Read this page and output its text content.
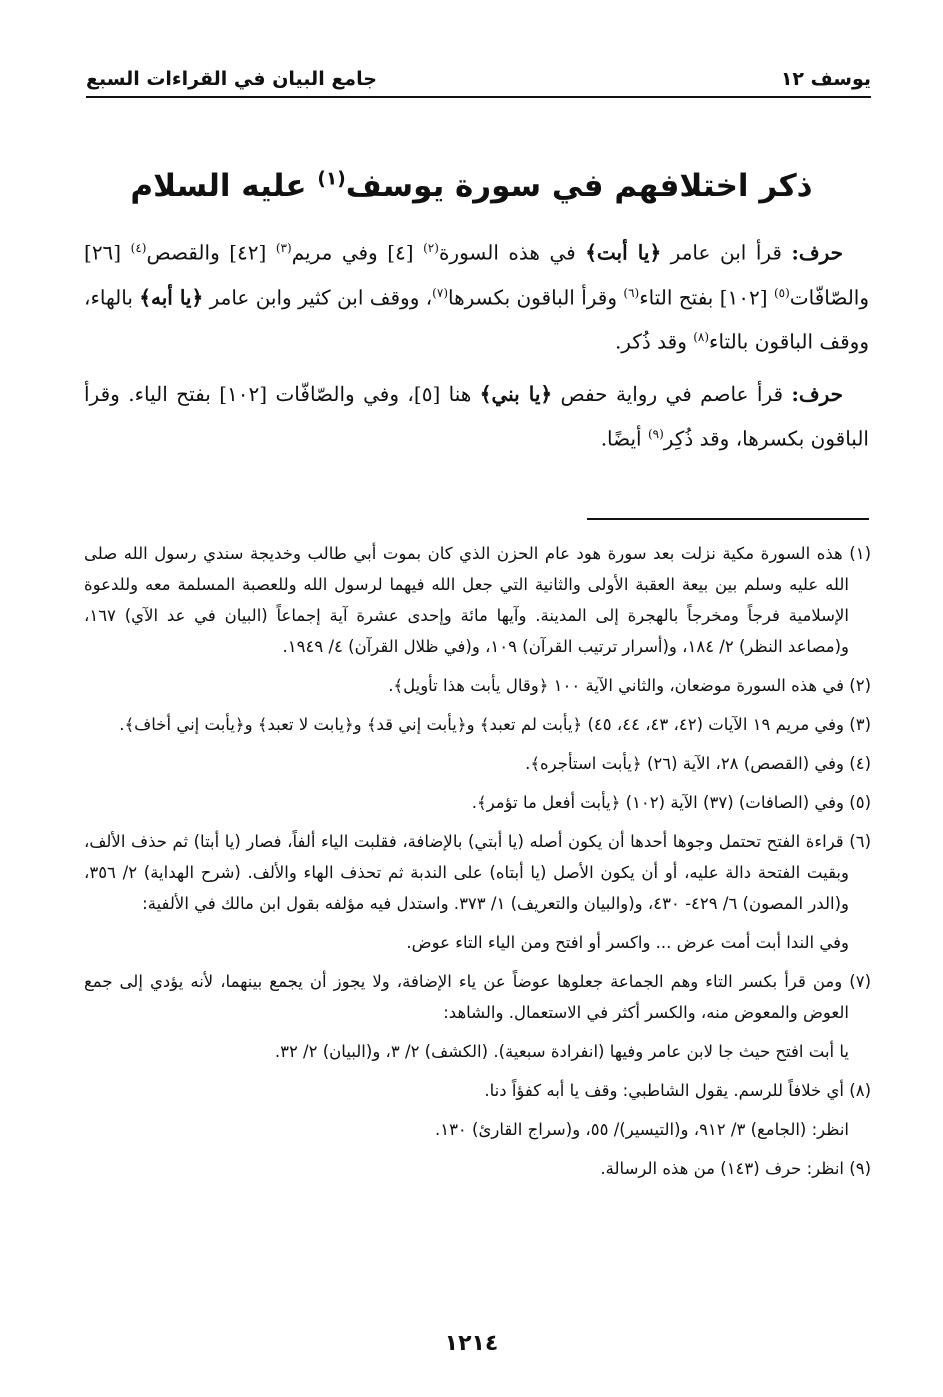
يوسف ١٢
جامع البيان في القراءات السبع
ذكر اختلافهم في سورة يوسف$^{(١)}$ عليه السلام

حرف: قرأ ابن عامر ﴿يا أبت﴾ في هذه السورة$^{(٢)}$ [٤] وفي مريم$^{(٣)}$ [٤٢] والقصص$^{(٤)}$ [٢٦] والصّافّات$^{(٥)}$ [١٠٢] بفتح التاء$^{(٦)}$ وقرأ الباقون بكسرها$^{(٧)}$، ووقف ابن كثير وابن عامر ﴿يا أبه﴾ بالهاء، ووقف الباقون بالتاء$^{(٨)}$ وقد ذُكر.

حرف: قرأ عاصم في رواية حفص ﴿يا بني﴾ هنا [٥]، وفي والصّافّات [١٠٢] بفتح الياء. وقرأ الباقون بكسرها، وقد ذُكِر$^{(٩)}$ أيضًا.

(١) هذه السورة مكية نزلت بعد سورة هود عام الحزن الذي كان بموت أبي طالب وخديجة سندي رسول الله صلى الله عليه وسلم بين بيعة العقبة الأولى والثانية التي جعل الله فيهما لرسول الله وللعصبة المسلمة معه وللدعوة الإسلامية فرجاً ومخرجاً بالهجرة إلى المدينة. وآيها مائة وإحدى عشرة آية إجماعاً (البيان في عد الآي) ١٦٧، و(مصاعد النظر) ٢/ ١٨٤، و(أسرار ترتيب القرآن) ١٠٩، و(في ظلال القرآن) ٤/ ١٩٤٩.

(٢) في هذه السورة موضعان، والثاني الآية ١٠٠ ﴿وقال يأبت هذا تأويل﴾.

(٣) وفي مريم ١٩ الآيات (٤٢، ٤٣، ٤٤، ٤٥) ﴿يأبت لم تعبد﴾ و﴿يأبت إني قد﴾ و﴿يابت لا تعبد﴾ و﴿يأبت إني أخاف﴾.

(٤) وفي (القصص) ٢٨، الآية (٢٦) ﴿يأبت استأجره﴾.

(٥) وفي (الصافات) (٣٧) الآية (١٠٢) ﴿يأبت أفعل ما تؤمر﴾.

(٦) قراءة الفتح تحتمل وجوها أحدها أن يكون أصله (يا أبتي) بالإضافة، فقلبت الياء ألفاً، فصار (يا أبتا) ثم حذف الألف، وبقيت الفتحة دالة عليه، أو أن يكون الأصل (يا أبتاه) على الندبة ثم تحذف الهاء والألف. (شرح الهداية) ٢/ ٣٥٦، و(الدر المصون) ٦/ ٤٢٩- ٤٣٠، و(والبيان والتعريف) ١/ ٣٧٣. واستدل فيه مؤلفه بقول ابن مالك في الألفية:

وفي الندا أبت أمت عرض ... واكسر أو افتح ومن الياء التاء عوض.

(٧) ومن قرأ بكسر التاء وهم الجماعة جعلوها عوضاً عن ياء الإضافة، ولا يجوز أن يجمع بينهما، لأنه يؤدي إلى جمع العوض والمعوض منه، والكسر أكثر في الاستعمال. والشاهد:

يا أبت افتح حيث جا لابن عامر وفيها (انفرادة سبعية). (الكشف) ٢/ ٣، و(البيان) ٢/ ٣٢.

(٨) أي خلافاً للرسم. يقول الشاطبي: وقف يا أبه كفؤاً دنا.

انظر: (الجامع) ٣/ ٩١٢، و(التيسير)/ ٥٥، و(سراج القارئ) ١٣٠.

(٩) انظر: حرف (١٤٣) من هذه الرسالة.

١٢١٤
